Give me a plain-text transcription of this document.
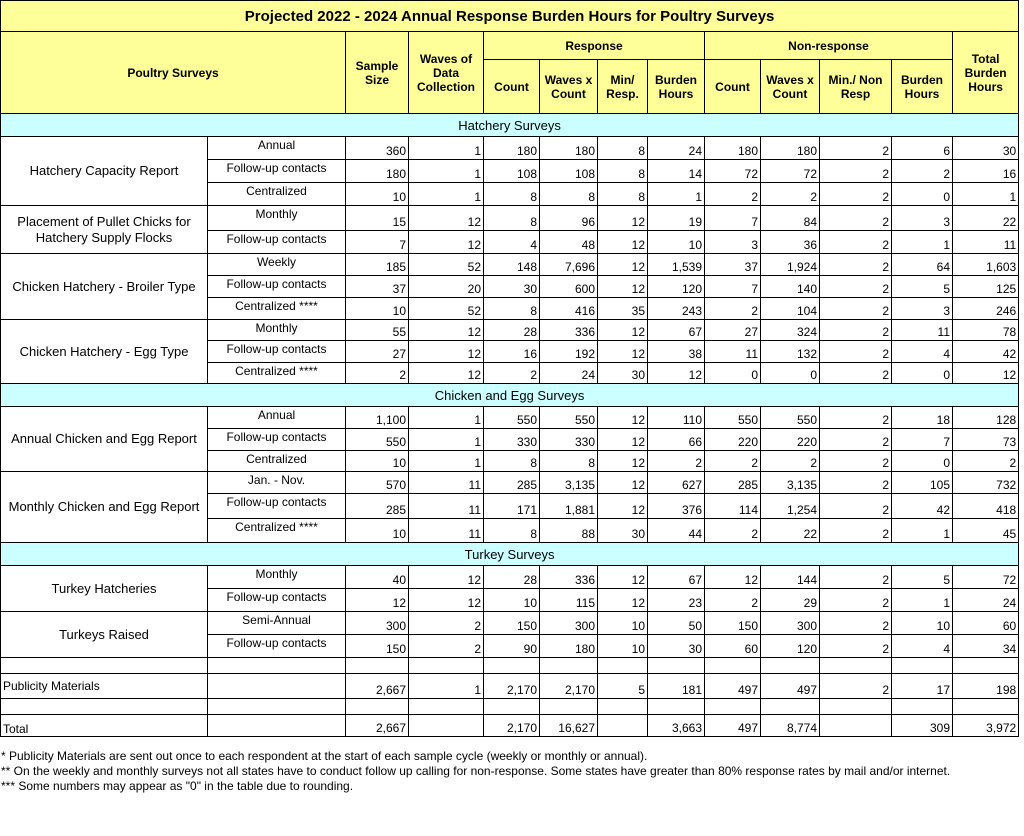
Projected 2022 - 2024 Annual Response Burden Hours for Poultry Surveys												
Poultry Surveys		Sample Size	Waves of Data Collection	Response				Non-response				Total Burden Hours
				Count	Waves x Count	Min/ Resp.	Burden Hours	Count	Waves x Count	Min./ Non Resp	Burden Hours	
Hatchery Surveys												
Hatchery Capacity Report	Annual	360	1	180	180	8	24	180	180	2	6	30
	Follow-up contacts	180	1	108	108	8	14	72	72	2	2	16
	Centralized	10	1	8	8	8	1	2	2	2	0	1
Placement of Pullet Chicks for Hatchery Supply Flocks	Monthly	15	12	8	96	12	19	7	84	2	3	22
	Follow-up contacts	7	12	4	48	12	10	3	36	2	1	11
Chicken Hatchery - Broiler Type	Weekly	185	52	148	7,696	12	1,539	37	1,924	2	64	1,603
	Follow-up contacts	37	20	30	600	12	120	7	140	2	5	125
	Centralized ****	10	52	8	416	35	243	2	104	2	3	246
Chicken Hatchery - Egg Type	Monthly	55	12	28	336	12	67	27	324	2	11	78
	Follow-up contacts	27	12	16	192	12	38	11	132	2	4	42
	Centralized ****	2	12	2	24	30	12	0	0	2	0	12
Chicken and Egg Surveys												
Annual Chicken and Egg Report	Annual	1,100	1	550	550	12	110	550	550	2	18	128
	Follow-up contacts	550	1	330	330	12	66	220	220	2	7	73
	Centralized	10	1	8	8	12	2	2	2	2	0	2
Monthly Chicken and Egg Report	Jan. - Nov.	570	11	285	3,135	12	627	285	3,135	2	105	732
	Follow-up contacts	285	11	171	1,881	12	376	114	1,254	2	42	418
	Centralized ****	10	11	8	88	30	44	2	22	2	1	45
Turkey Surveys												
Turkey Hatcheries	Monthly	40	12	28	336	12	67	12	144	2	5	72
	Follow-up contacts	12	12	10	115	12	23	2	29	2	1	24
Turkeys Raised	Semi-Annual	300	2	150	300	10	50	150	300	2	10	60
	Follow-up contacts	150	2	90	180	10	30	60	120	2	4	34

Publicity Materials		2,667	1	2,170	2,170	5	181	497	497	2	17	198

Total		2,667		2,170	16,627		3,663	497	8,774		309	3,972
* Publicity Materials are sent out once to each respondent at the start of each sample cycle (weekly or monthly or annual).
** On the weekly and monthly surveys not all states have to conduct follow up calling for non-response. Some states have greater than 80% response rates by mail and/or internet.
*** Some numbers may appear as "0" in the table due to rounding.
